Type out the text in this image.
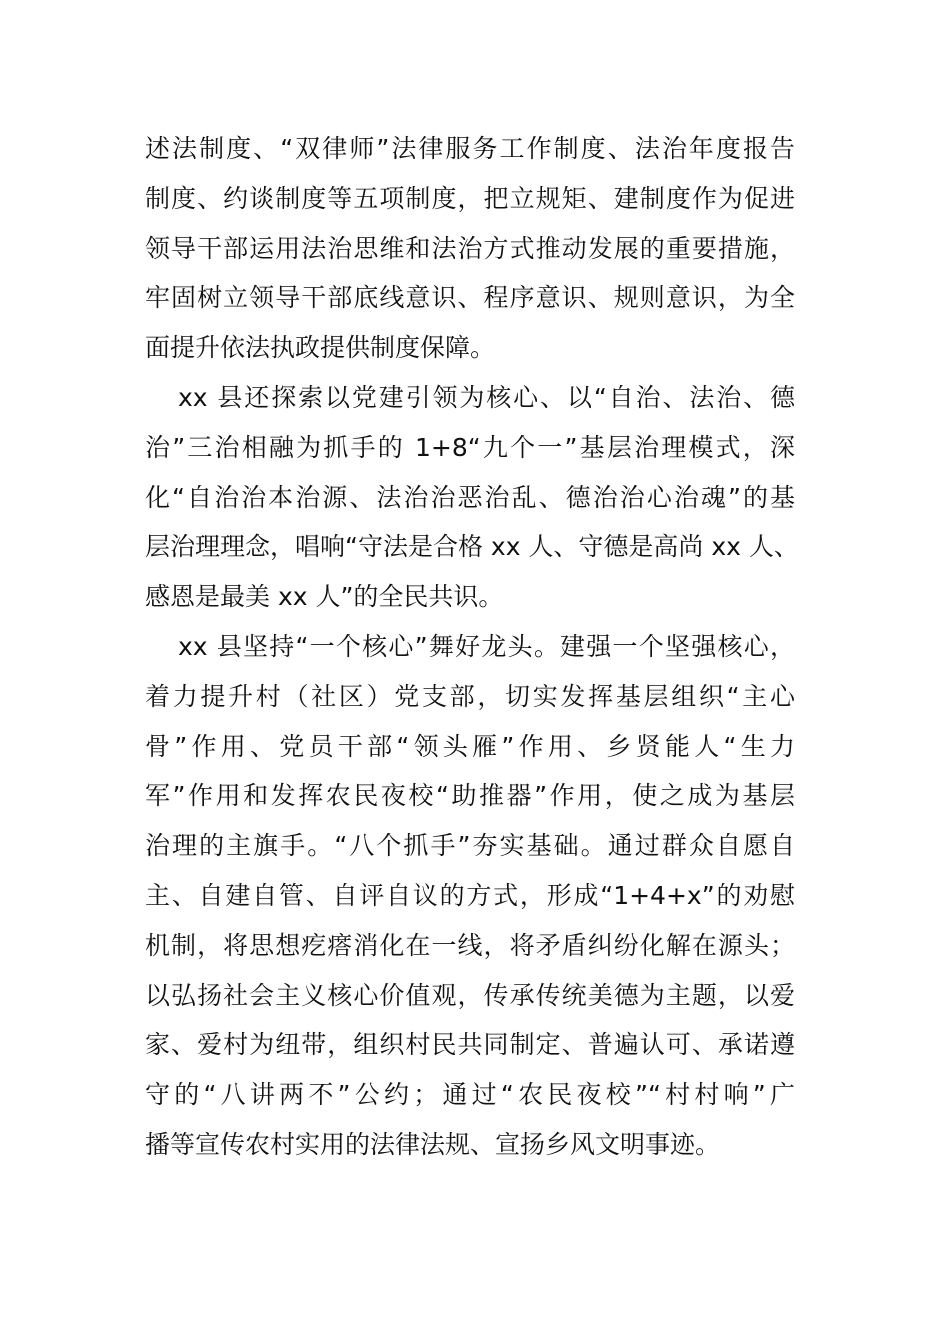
述法制度、“双律师”法律服务工作制度、法治年度报告
制度、约谈制度等五项制度，把立规矩、建制度作为促进
领导干部运用法治思维和法治方式推动发展的重要措施，
牢固树立领导干部底线意识、程序意识、规则意识，为全
面提升依法执政提供制度保障。
xx 县还探索以党建引领为核心、以“自治、法治、德
治”三治相融为抓手的 1+8“九个一”基层治理模式，深
化“自治治本治源、法治治恶治乱、德治治心治魂”的基
层治理理念，唱响“守法是合格 xx 人、守德是高尚 xx 人、
感恩是最美 xx 人”的全民共识。
xx 县坚持“一个核心”舞好龙头。建强一个坚强核心，
着力提升村（社区）党支部，切实发挥基层组织“主心
骨”作用、党员干部“领头雁”作用、乡贤能人“生力
军”作用和发挥农民夜校“助推器”作用，使之成为基层
治理的主旗手。“八个抓手”夯实基础。通过群众自愿自
主、自建自管、自评自议的方式，形成“1+4+x”的劝慰
机制，将思想疙瘩消化在一线，将矛盾纠纷化解在源头；
以弘扬社会主义核心价值观，传承传统美德为主题，以爱
家、爱村为纽带，组织村民共同制定、普遍认可、承诺遵
守的“八讲两不”公约；通过“农民夜校”“村村响”广
播等宣传农村实用的法律法规、宣扬乡风文明事迹。
